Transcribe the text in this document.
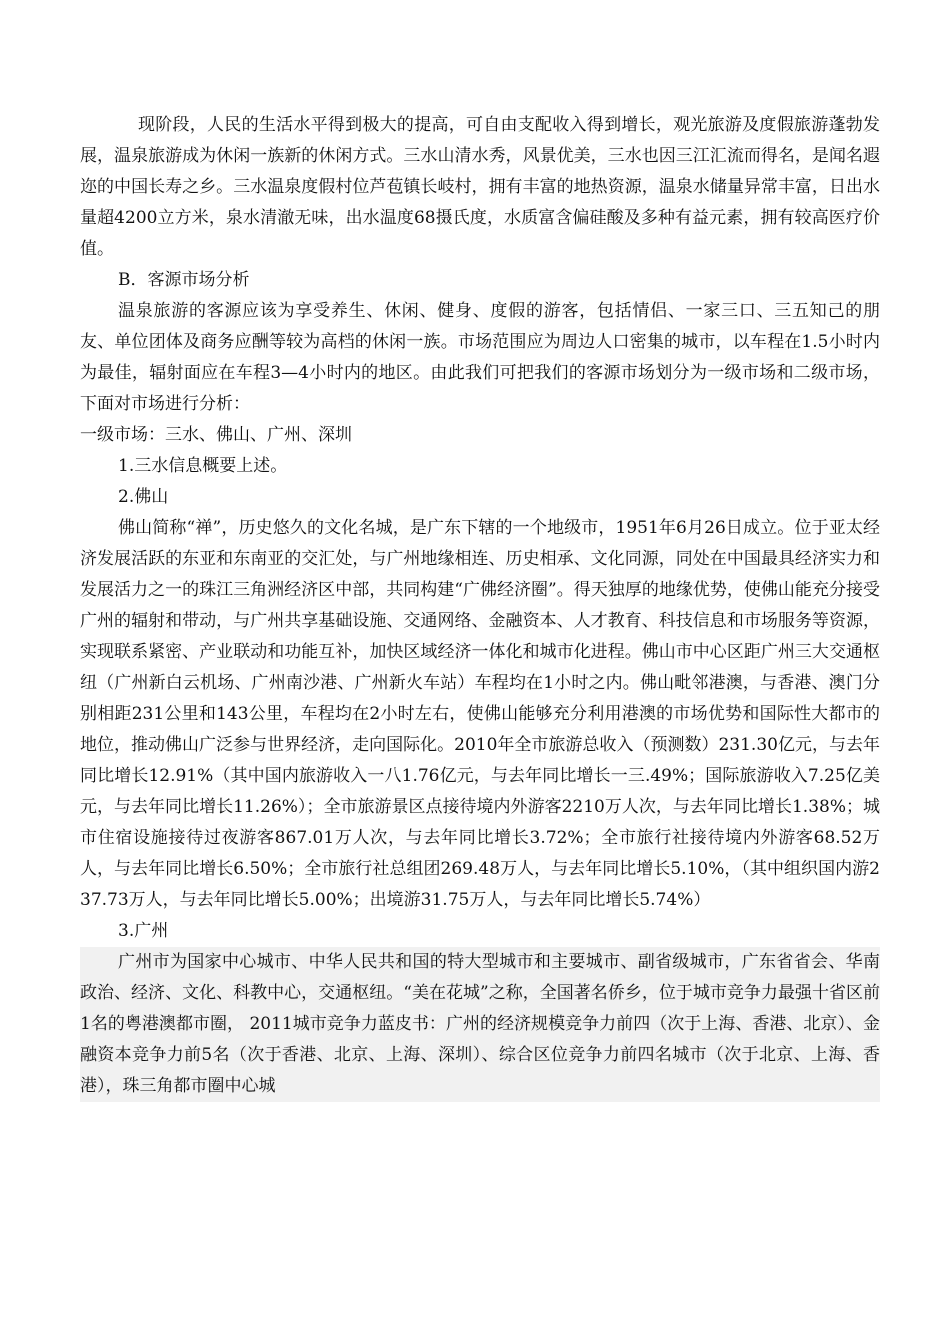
现阶段，人民的生活水平得到极大的提高，可自由支配收入得到增长，观光旅游及度假旅游蓬勃发展，温泉旅游成为休闲一族新的休闲方式。三水山清水秀，风景优美，三水也因三江汇流而得名，是闻名遐迩的中国长寿之乡。三水温泉度假村位芦苞镇长岐村，拥有丰富的地热资源，温泉水储量异常丰富，日出水量超4200立方米，泉水清澈无味，出水温度68摄氏度，水质富含偏硅酸及多种有益元素，拥有较高医疗价值。

B．客源市场分析

温泉旅游的客源应该为享受养生、休闲、健身、度假的游客，包括情侣、一家三口、三五知己的朋友、单位团体及商务应酬等较为高档的休闲一族。市场范围应为周边人口密集的城市，以车程在1.5小时内为最佳，辐射面应在车程3—4小时内的地区。由此我们可把我们的客源市场划分为一级市场和二级市场，下面对市场进行分析：

一级市场：三水、佛山、广州、深圳

1.三水信息概要上述。

2.佛山

佛山简称“禅”，历史悠久的文化名城，是广东下辖的一个地级市，1951年6月26日成立。位于亚太经济发展活跃的东亚和东南亚的交汇处，与广州地缘相连、历史相承、文化同源，同处在中国最具经济实力和发展活力之一的珠江三角洲经济区中部，共同构建“广佛经济圈”。得天独厚的地缘优势，使佛山能充分接受广州的辐射和带动，与广州共享基础设施、交通网络、金融资本、人才教育、科技信息和市场服务等资源，实现联系紧密、产业联动和功能互补，加快区域经济一体化和城市化进程。佛山市中心区距广州三大交通枢纽（广州新白云机场、广州南沙港、广州新火车站）车程均在1小时之内。佛山毗邻港澳，与香港、澳门分别相距231公里和143公里，车程均在2小时左右，使佛山能够充分利用港澳的市场优势和国际性大都市的地位，推动佛山广泛参与世界经济，走向国际化。2010年全市旅游总收入（预测数）231.30亿元，与去年同比增长12.91%（其中国内旅游收入一八1.76亿元，与去年同比增长一三.49%；国际旅游收入7.25亿美元，与去年同比增长11.26%）；全市旅游景区点接待境内外游客2210万人次，与去年同比增长1.38%；城市住宿设施接待过夜游客867.01万人次，与去年同比增长3.72%；全市旅行社接待境内外游客68.52万人，与去年同比增长6.50%；全市旅行社总组团269.48万人，与去年同比增长5.10%，（其中组织国内游237.73万人，与去年同比增长5.00%；出境游31.75万人，与去年同比增长5.74%）

3.广州

广州市为国家中心城市、中华人民共和国的特大型城市和主要城市、副省级城市，广东省省会、华南政治、经济、文化、科教中心，交通枢纽。“美在花城”之称，全国著名侨乡，位于城市竞争力最强十省区前1名的粤港澳都市圈， 2011城市竞争力蓝皮书：广州的经济规模竞争力前四（次于上海、香港、北京）、金融资本竞争力前5名（次于香港、北京、上海、深圳）、综合区位竞争力前四名城市（次于北京、上海、香港），珠三角都市圈中心城
